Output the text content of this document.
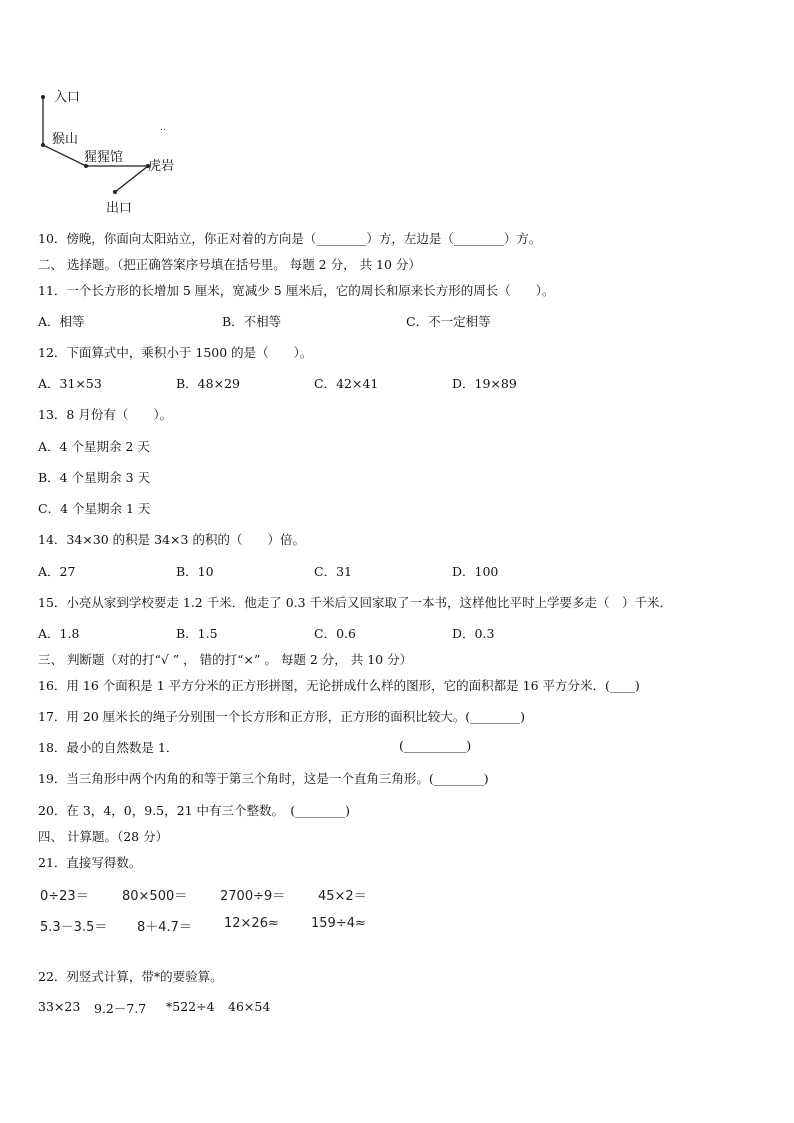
入口
猴山
猩猩馆
虎岩
出口
..
10．傍晚，你面向太阳站立，你正对着的方向是（________）方，左边是（________）方。
二、 选择题。（把正确答案序号填在括号里。 每题 2 分， 共 10 分）
11．一个长方形的长增加 5 厘米，宽减少 5 厘米后，它的周长和原来长方形的周长（　　）。
A．相等	B．不相等	C．不一定相等
12．下面算式中，乘积小于 1500 的是（　　）。
A．31×53	B．48×29	C．42×41	D．19×89
13．8 月份有（　　）。
A．4 个星期余 2 天
B．4 个星期余 3 天
C．4 个星期余 1 天
14．34×30 的积是 34×3 的积的（　　）倍。
A．27	B．10	C．31	D．100
15．小亮从家到学校要走 1.2 千米．他走了 0.3 千米后又回家取了一本书，这样他比平时上学要多走（　）千米．
A．1.8	B．1.5	C．0.6	D．0.3
三、 判断题（对的打“√ ” ， 错的打“×” 。 每题 2 分， 共 10 分）
16．用 16 个面积是 1 平方分米的正方形拼图，无论拼成什么样的图形，它的面积都是 16 平方分米．(____)
17．用 20 厘米长的绳子分别围一个长方形和正方形，正方形的面积比较大。(________)
18．最小的自然数是 1．	(__________)
19．当三角形中两个内角的和等于第三个角时，这是一个直角三角形。(________)
20．在 3，4，0，9.5，21 中有三个整数。　(________)
四、 计算题。（28 分）
21．直接写得数。
0÷23＝	80×500＝	2700÷9＝	45×2＝
5.3－3.5＝ 8＋4.7＝ 12×26≈ 159÷4≈
22．列竖式计算，带*的要验算。
33×23 9.2－7.7 *522÷4 46×54
